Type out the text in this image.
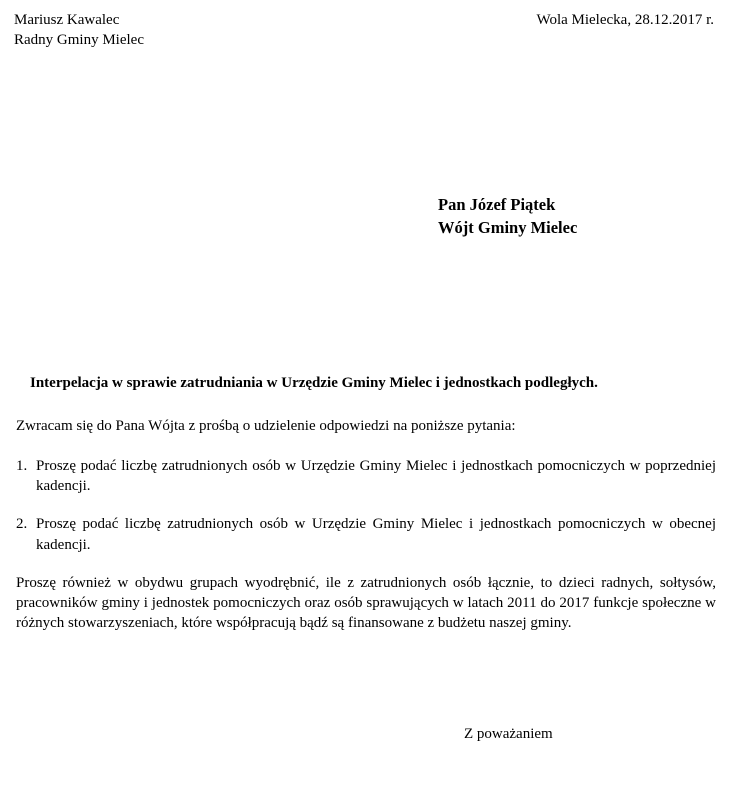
Mariusz Kawalec
Radny Gminy Mielec
Wola Mielecka, 28.12.2017 r.
Pan Józef Piątek
Wójt Gminy Mielec
Interpelacja w sprawie zatrudniania w Urzędzie Gminy Mielec i jednostkach podległych.
Zwracam się do Pana Wójta z prośbą o udzielenie odpowiedzi na poniższe pytania:
1. Proszę podać liczbę zatrudnionych osób w Urzędzie Gminy Mielec i jednostkach pomocniczych w poprzedniej kadencji.
2. Proszę podać liczbę zatrudnionych osób w Urzędzie Gminy Mielec i jednostkach pomocniczych w obecnej kadencji.
Proszę również w obydwu grupach wyodrębnić, ile z zatrudnionych osób łącznie, to dzieci radnych, sołtysów, pracowników gminy i jednostek pomocniczych oraz osób sprawujących w latach 2011 do 2017 funkcje społeczne w różnych stowarzyszeniach, które współpracują bądź są finansowane z budżetu naszej gminy.
Z poważaniem
